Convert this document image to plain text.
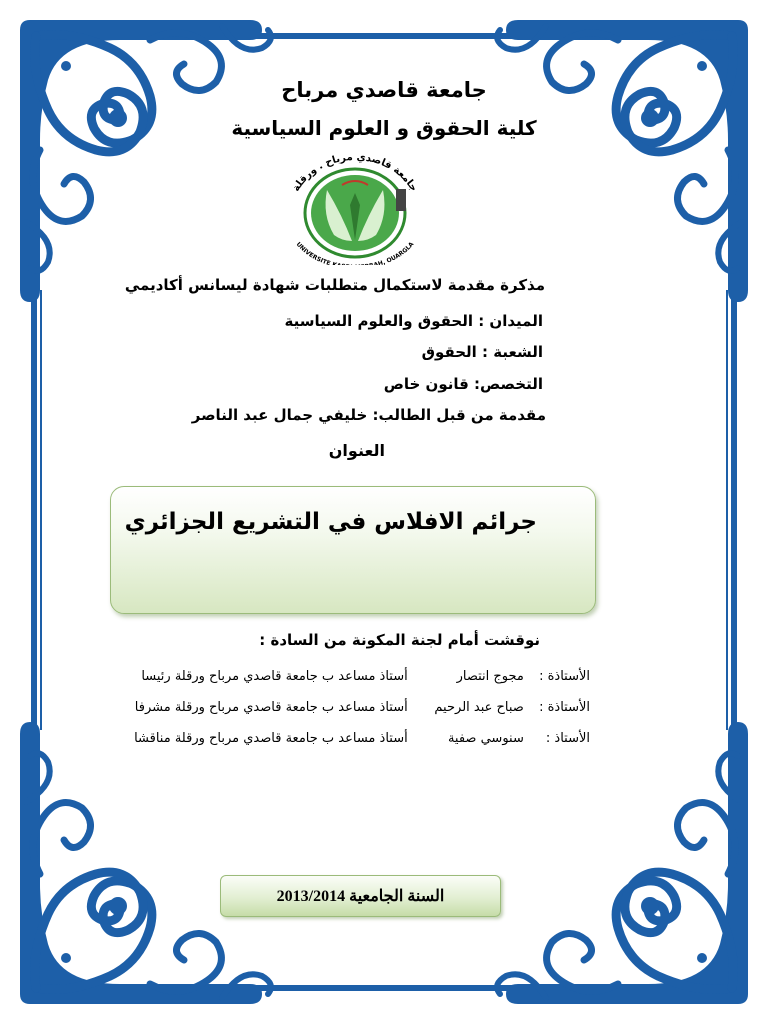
جامعة قاصدي مرباح
كلية الحقوق و العلوم السياسية
جامعة قاصدي مرباح . ورقلة
UNIVERSITE AH, OUARGLA
مذكرة مقدمة لاستكمال متطلبات شهادة ليسانس أكاديمي
الميدان : الحقوق والعلوم السياسية
الشعبة : الحقوق
التخصص: قانون خاص
مقدمة من قبل الطالب: خليفي جمال عبد الناصر
العنوان
جرائم الافلاس في التشريع الجزائري
نوقشت أمام لجنة المكونة من السادة :
الأستاذة : مجوج انتصار أستاذ مساعد ب جامعة قاصدي مرباح ورقلة رئيسا
الأستاذة : صباح عبد الرحيم أستاذ مساعد ب جامعة قاصدي مرباح ورقلة مشرفا
الأستاذ : سنوسي صفية أستاذ مساعد ب جامعة قاصدي مرباح ورقلة مناقشا
السنة الجامعية 2013/2014
